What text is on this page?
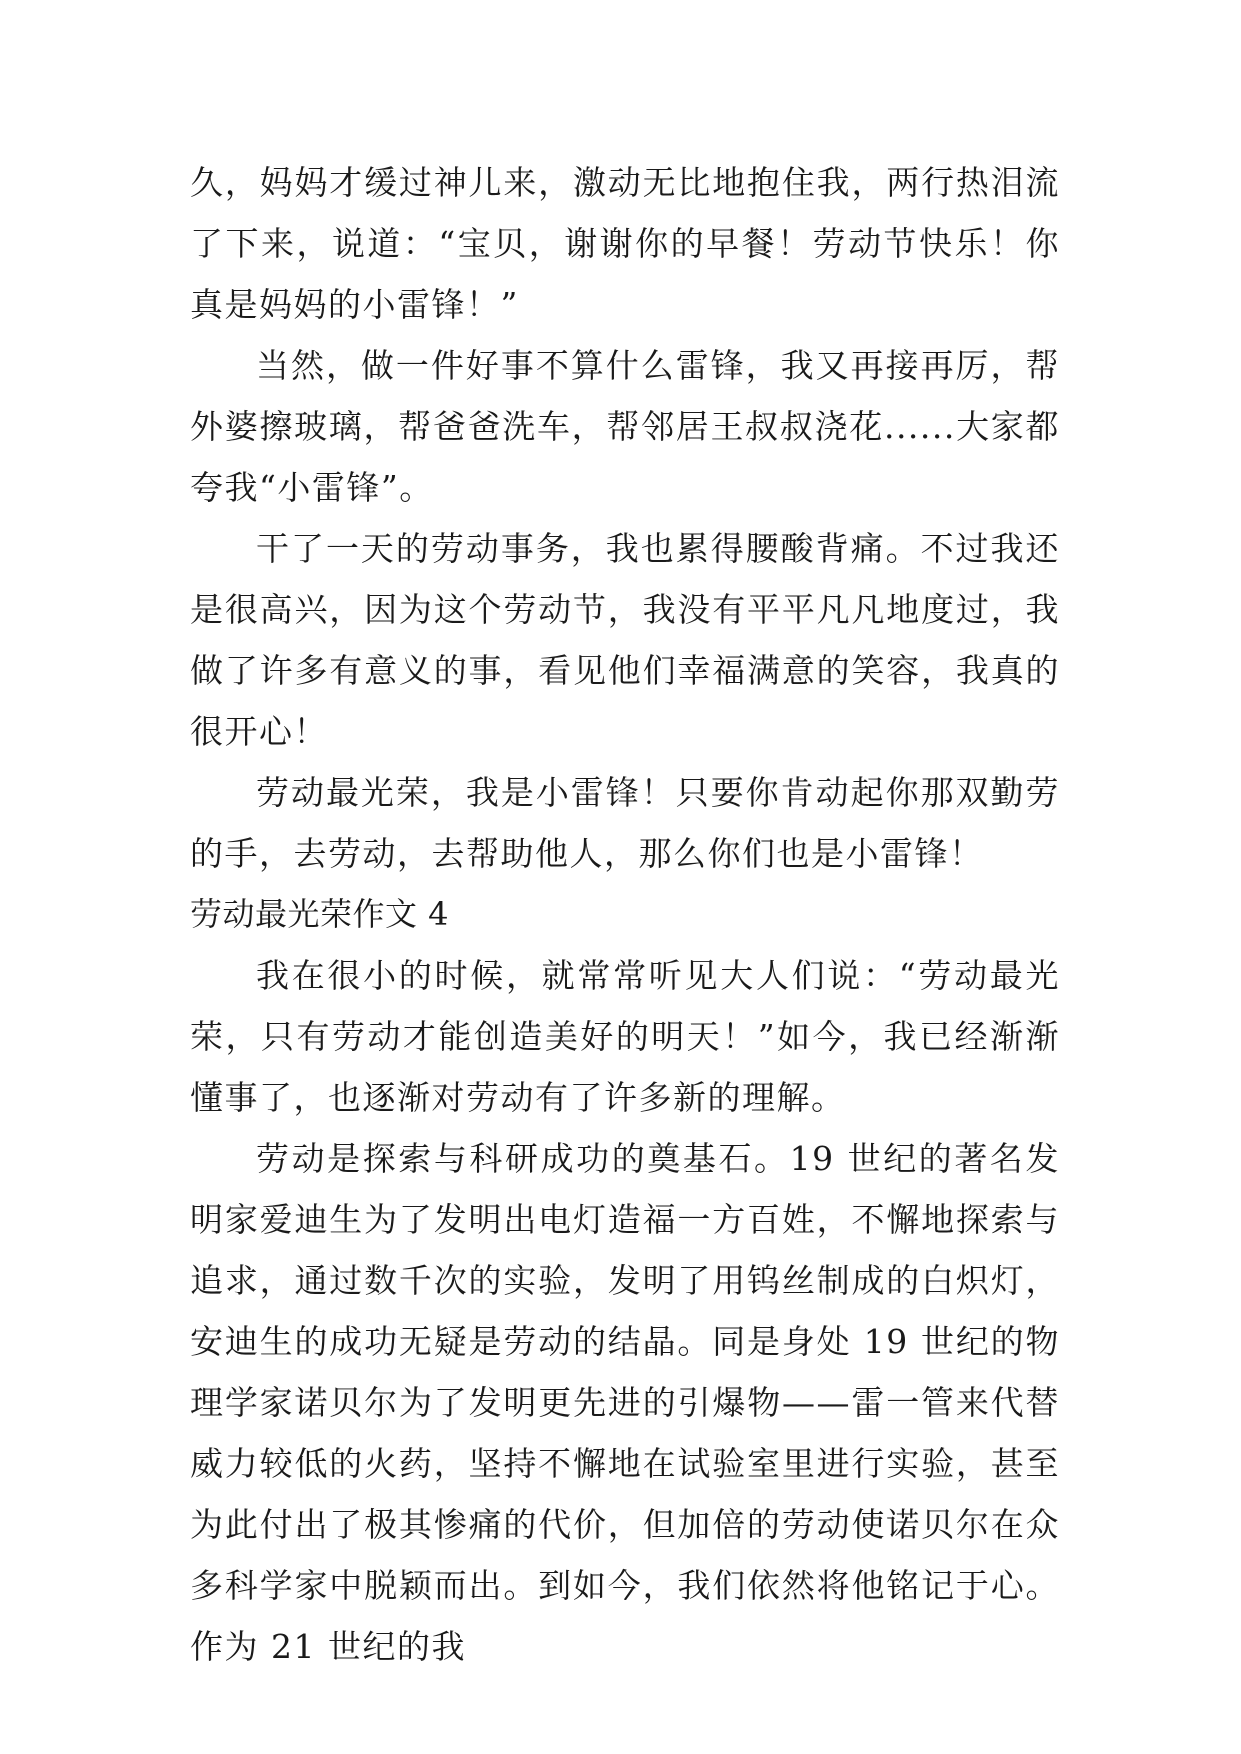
久，妈妈才缓过神儿来，激动无比地抱住我，两行热泪流了下来，说道：“宝贝，谢谢你的早餐！劳动节快乐！你真是妈妈的小雷锋！”

当然，做一件好事不算什么雷锋，我又再接再厉，帮外婆擦玻璃，帮爸爸洗车，帮邻居王叔叔浇花......大家都夸我“小雷锋”。

干了一天的劳动事务，我也累得腰酸背痛。不过我还是很高兴，因为这个劳动节，我没有平平凡凡地度过，我做了许多有意义的事，看见他们幸福满意的笑容，我真的很开心！

劳动最光荣，我是小雷锋！只要你肯动起你那双勤劳的手，去劳动，去帮助他人，那么你们也是小雷锋！

劳动最光荣作文 4

我在很小的时候，就常常听见大人们说：“劳动最光荣，只有劳动才能创造美好的明天！”如今，我已经渐渐懂事了，也逐渐对劳动有了许多新的理解。

劳动是探索与科研成功的奠基石。19 世纪的著名发明家爱迪生为了发明出电灯造福一方百姓，不懈地探索与追求，通过数千次的实验，发明了用钨丝制成的白炽灯，安迪生的成功无疑是劳动的结晶。同是身处 19 世纪的物理学家诺贝尔为了发明更先进的引爆物——雷一管来代替威力较低的火药，坚持不懈地在试验室里进行实验，甚至为此付出了极其惨痛的代价，但加倍的劳动使诺贝尔在众多科学家中脱颖而出。到如今，我们依然将他铭记于心。作为 21 世纪的我
